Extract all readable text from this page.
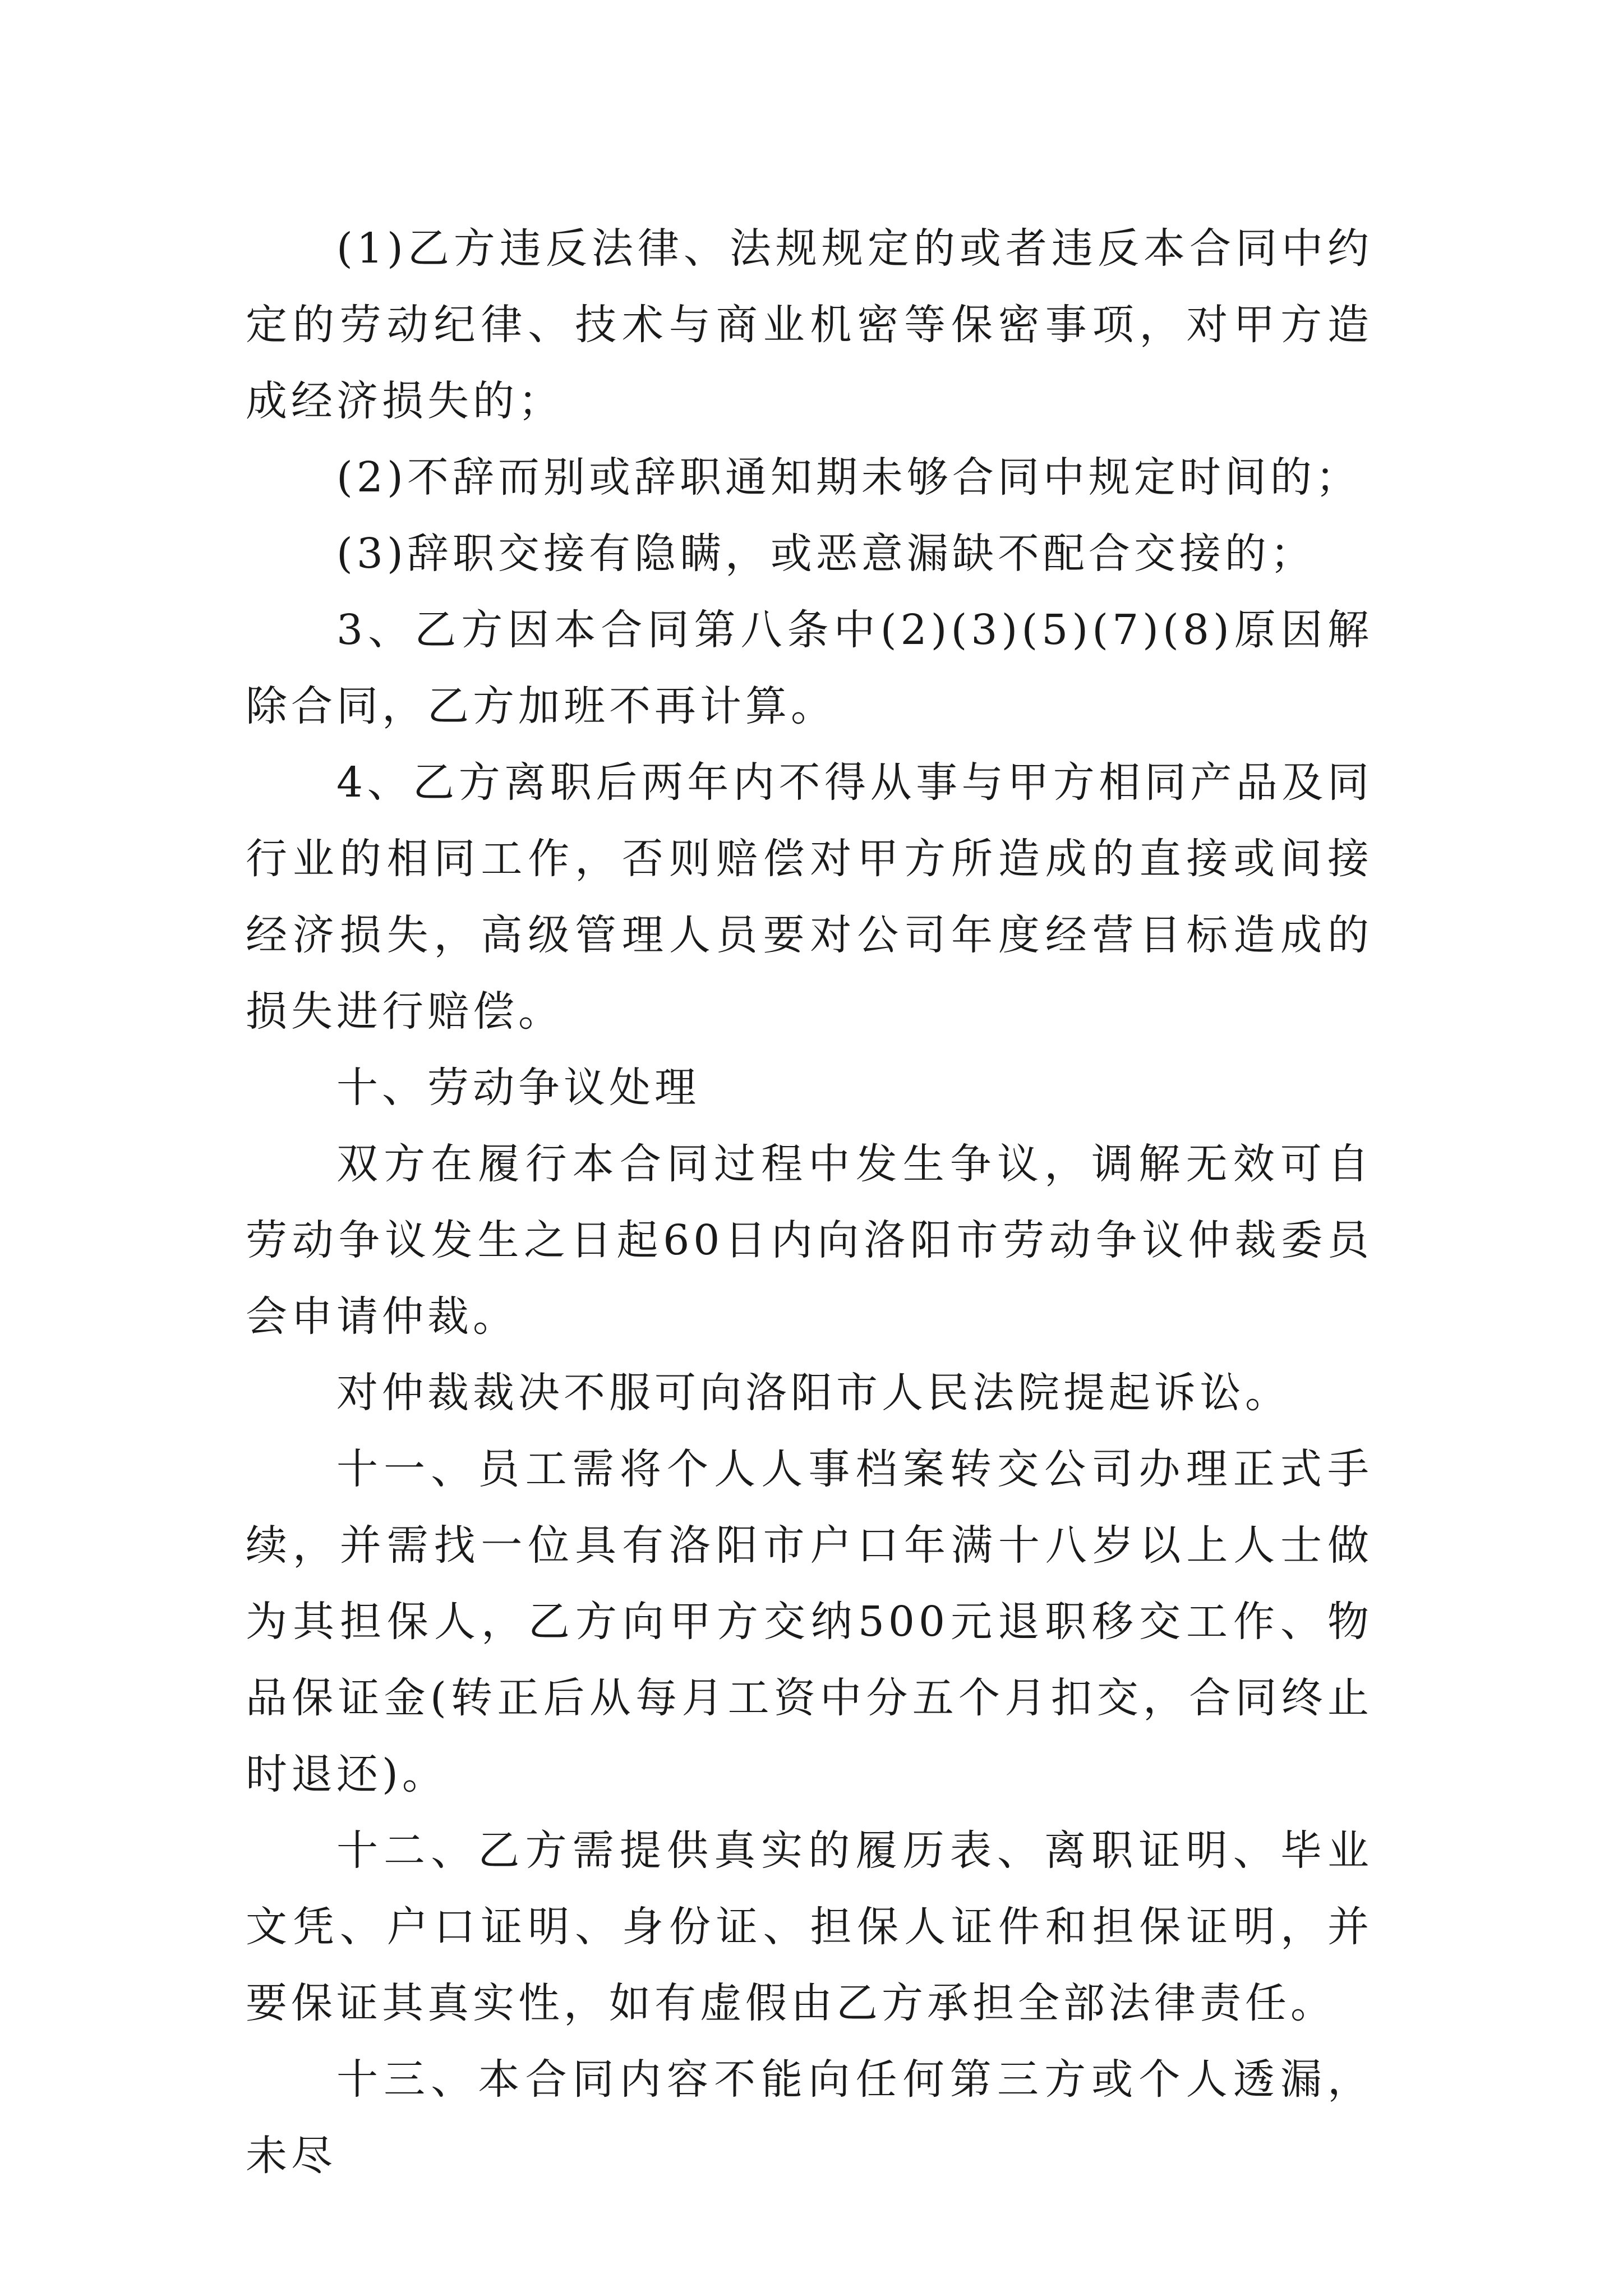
(1)乙方违反法律、法规规定的或者违反本合同中约定的劳动纪律、技术与商业机密等保密事项，对甲方造成经济损失的；

(2)不辞而别或辞职通知期未够合同中规定时间的；

(3)辞职交接有隐瞒，或恶意漏缺不配合交接的；

3、乙方因本合同第八条中(2)(3)(5)(7)(8)原因解除合同，乙方加班不再计算。

4、乙方离职后两年内不得从事与甲方相同产品及同行业的相同工作，否则赔偿对甲方所造成的直接或间接经济损失，高级管理人员要对公司年度经营目标造成的损失进行赔偿。

十、劳动争议处理

双方在履行本合同过程中发生争议，调解无效可自劳动争议发生之日起60日内向洛阳市劳动争议仲裁委员会申请仲裁。

对仲裁裁决不服可向洛阳市人民法院提起诉讼。

十一、员工需将个人人事档案转交公司办理正式手续，并需找一位具有洛阳市户口年满十八岁以上人士做为其担保人，乙方向甲方交纳500元退职移交工作、物品保证金(转正后从每月工资中分五个月扣交，合同终止时退还)。

十二、乙方需提供真实的履历表、离职证明、毕业文凭、户口证明、身份证、担保人证件和担保证明，并要保证其真实性，如有虚假由乙方承担全部法律责任。

十三、本合同内容不能向任何第三方或个人透漏，未尽
